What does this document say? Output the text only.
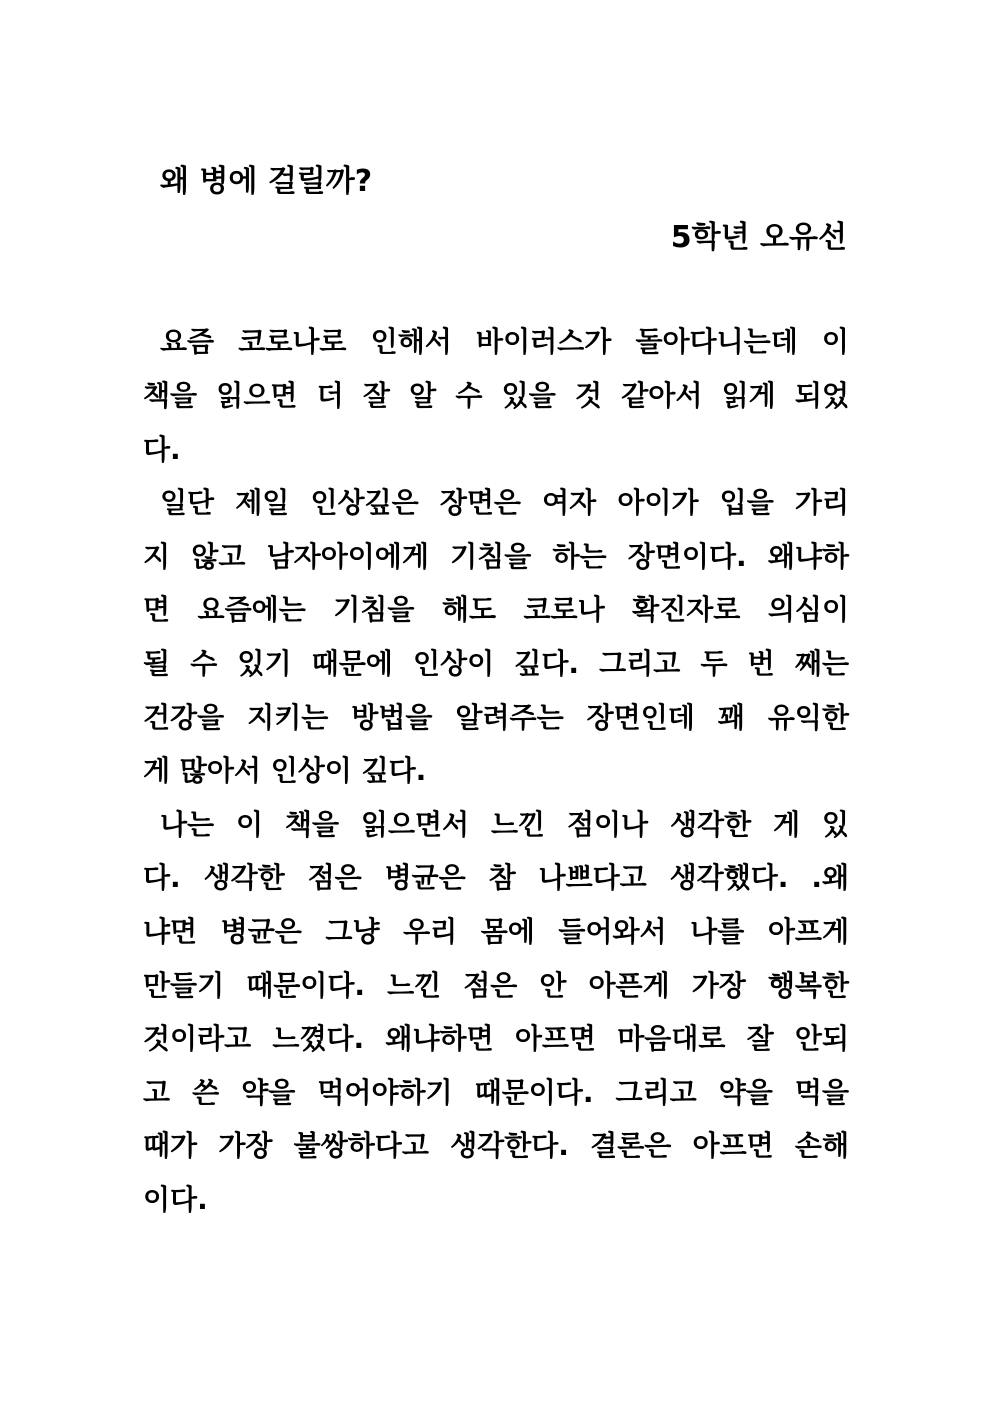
왜 병에 걸릴까?
5학년 오유선
요즘 코로나로 인해서 바이러스가 돌아다니는데 이
책을 읽으면 더 잘 알 수 있을 것 같아서 읽게 되었
다.
일단 제일 인상깊은 장면은 여자 아이가 입을 가리
지 않고 남자아이에게 기침을 하는 장면이다. 왜냐하
면 요즘에는 기침을 해도 코로나 확진자로 의심이
될 수 있기 때문에 인상이 깊다. 그리고 두 번 째는
건강을 지키는 방법을 알려주는 장면인데 꽤 유익한
게 많아서 인상이 깊다.
나는 이 책을 읽으면서 느낀 점이나 생각한 게 있
다. 생각한 점은 병균은 참 나쁘다고 생각했다. .왜
냐면 병균은 그냥 우리 몸에 들어와서 나를 아프게
만들기 때문이다. 느낀 점은 안 아픈게 가장 행복한
것이라고 느꼈다. 왜냐하면 아프면 마음대로 잘 안되
고 쓴 약을 먹어야하기 때문이다. 그리고 약을 먹을
때가 가장 불쌍하다고 생각한다. 결론은 아프면 손해
이다.
